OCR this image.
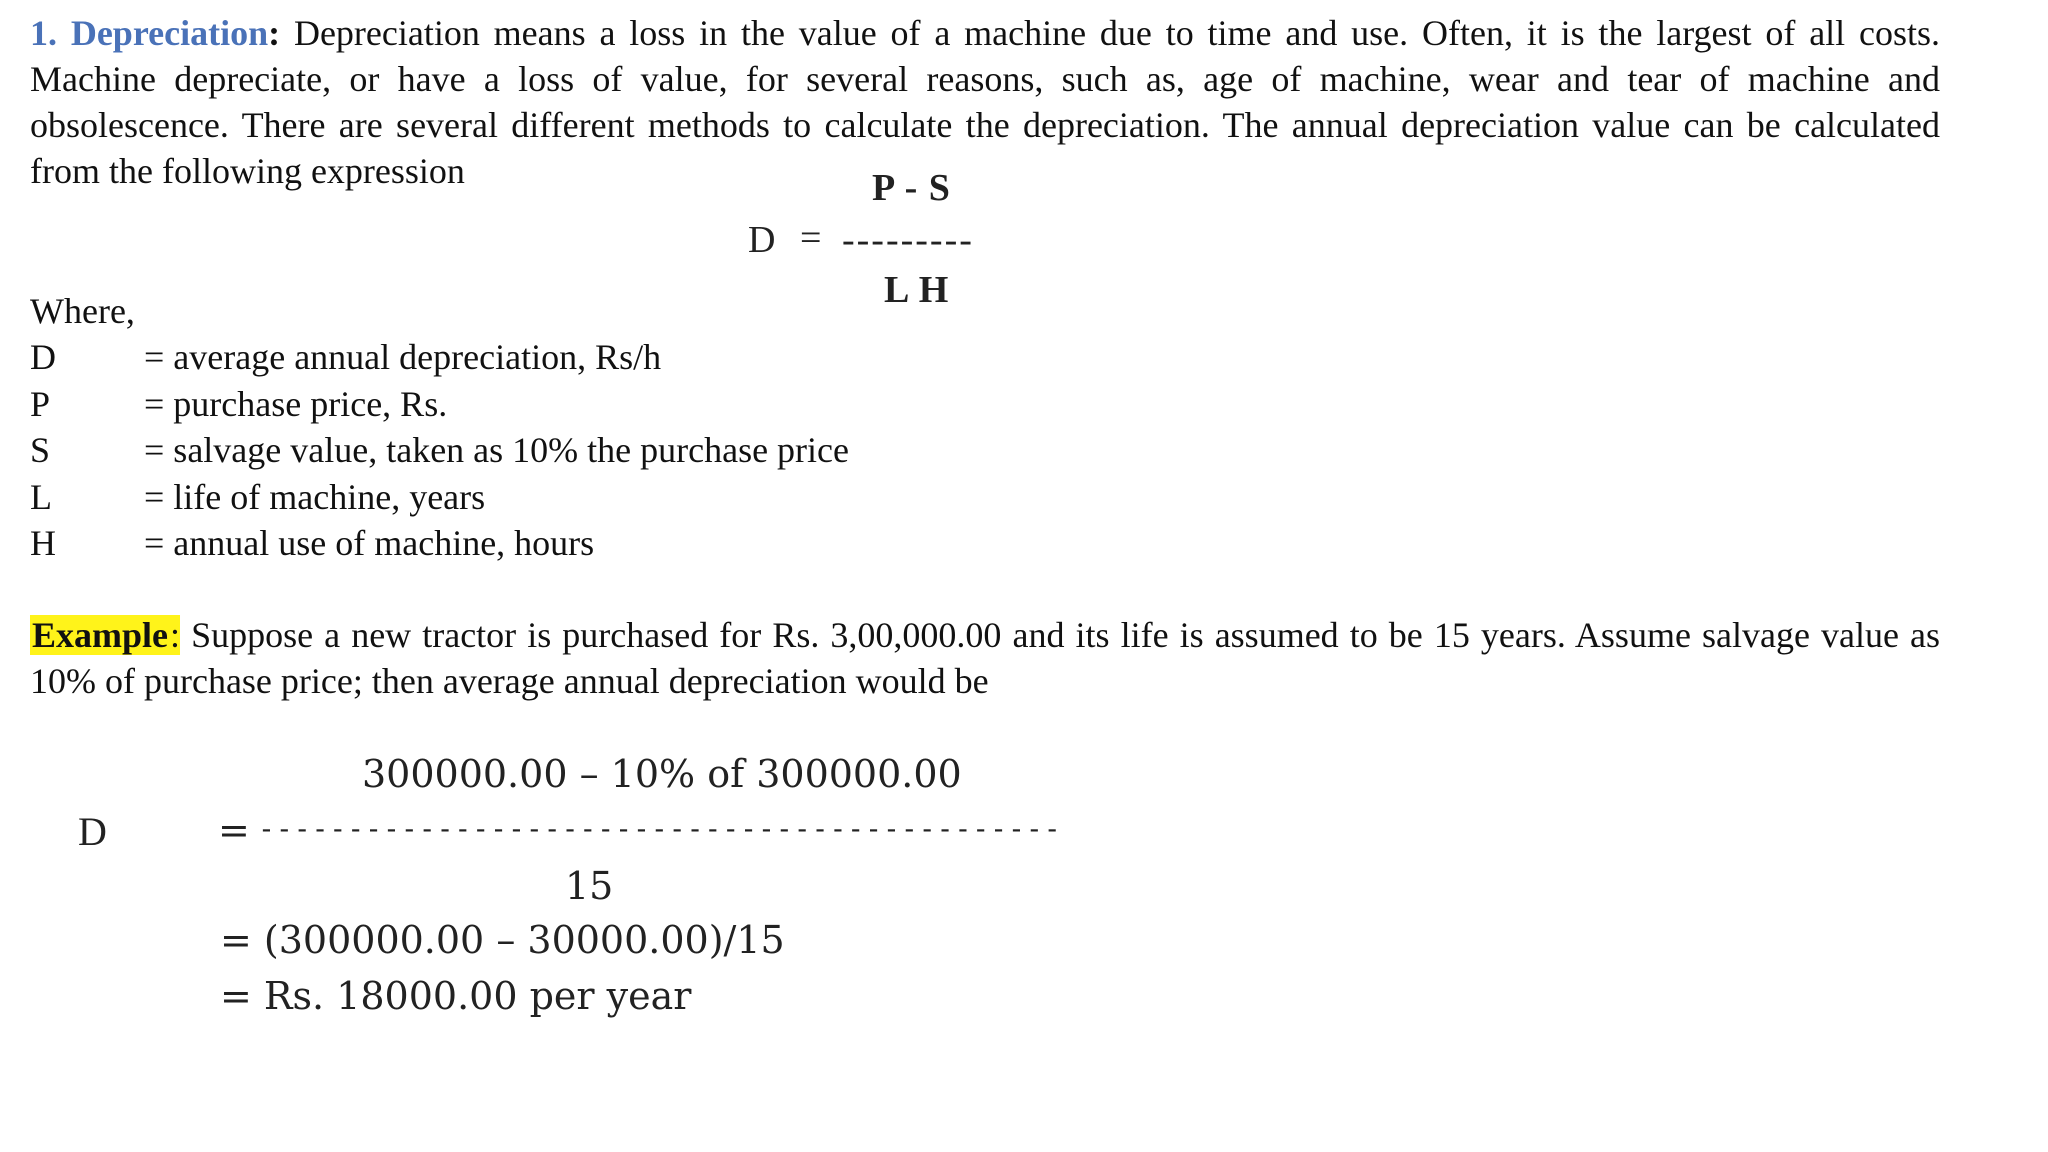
1. Depreciation: Depreciation means a loss in the value of a machine due to time and use. Often, it is the largest of all costs. Machine depreciate, or have a loss of value, for several reasons, such as, age of machine, wear and tear of machine and obsolescence. There are several different methods to calculate the depreciation. The annual depreciation value can be calculated from the following expression	P - S
D = ---------
L H
Where,
D = average annual depreciation, Rs/h
P	= purchase price, Rs.
S	= salvage value, taken as 10% the purchase price
L	= life of machine, years
H = annual use of machine, hours
Example: Suppose a new tractor is purchased for Rs. 3,00,000.00 and its life is assumed to be 15 years. Assume salvage value as 10% of purchase price; then average annual depreciation would be
300000.00 – 10% of 300000.00
D	= ---------------------------------------------
15
= (300000.00 – 30000.00)/15
= Rs. 18000.00 per year
